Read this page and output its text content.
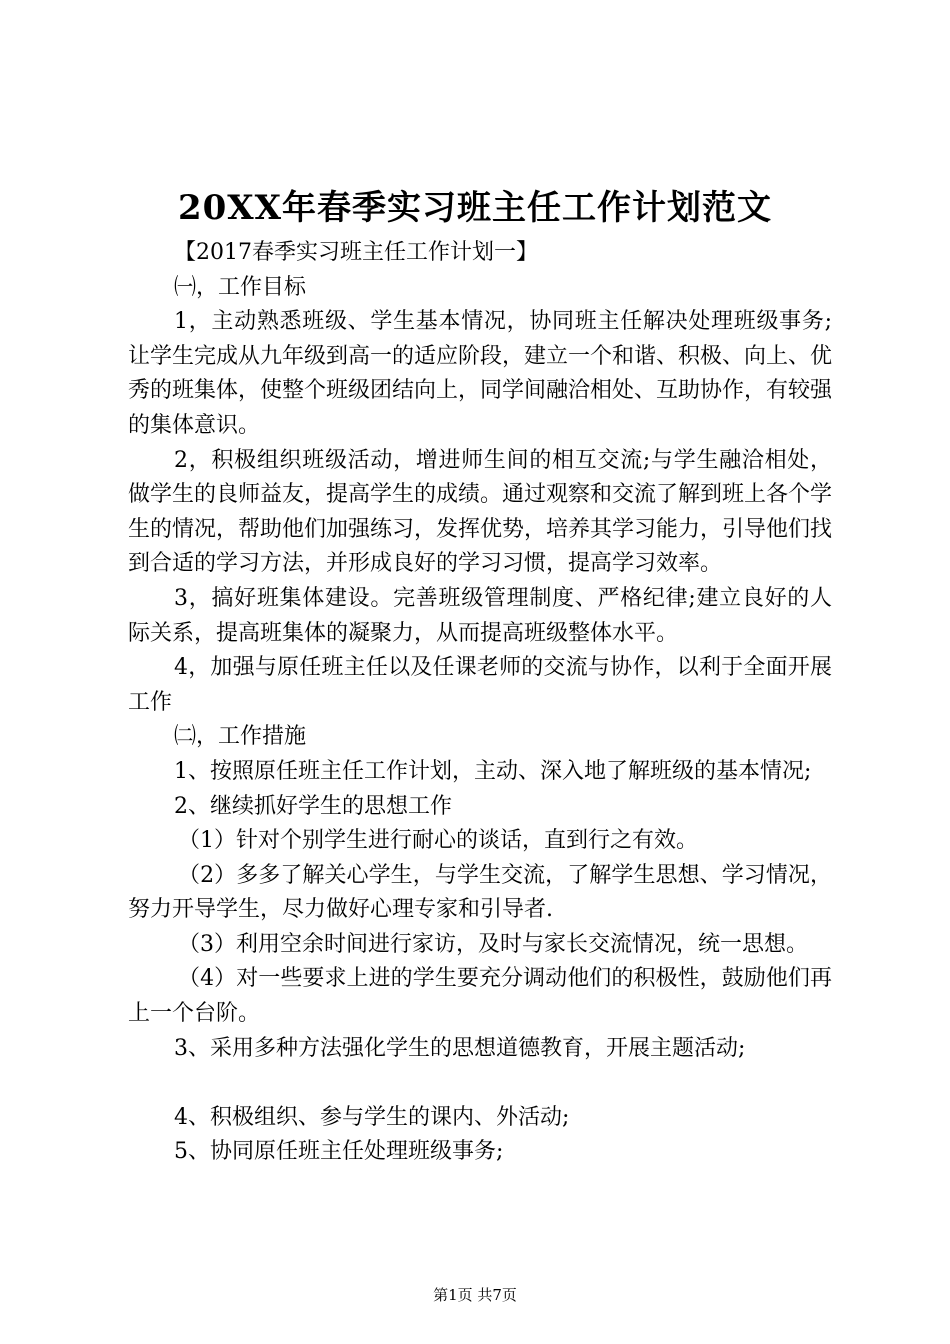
20XX年春季实习班主任工作计划范文

【2017春季实习班主任工作计划一】

㈠，工作目标

1，主动熟悉班级、学生基本情况，协同班主任解决处理班级事务;让学生完成从九年级到高一的适应阶段，建立一个和谐、积极、向上、优秀的班集体，使整个班级团结向上，同学间融洽相处、互助协作，有较强的集体意识。

2，积极组织班级活动，增进师生间的相互交流;与学生融洽相处，做学生的良师益友，提高学生的成绩。通过观察和交流了解到班上各个学生的情况，帮助他们加强练习，发挥优势，培养其学习能力，引导他们找到合适的学习方法，并形成良好的学习习惯，提高学习效率。

3，搞好班集体建设。完善班级管理制度、严格纪律;建立良好的人际关系，提高班集体的凝聚力，从而提高班级整体水平。

4，加强与原任班主任以及任课老师的交流与协作，以利于全面开展工作

㈡，工作措施

1、按照原任班主任工作计划，主动、深入地了解班级的基本情况;

2、继续抓好学生的思想工作

（1）针对个别学生进行耐心的谈话，直到行之有效。

（2）多多了解关心学生，与学生交流，了解学生思想、学习情况，努力开导学生，尽力做好心理专家和引导者.

（3）利用空余时间进行家访，及时与家长交流情况，统一思想。

（4）对一些要求上进的学生要充分调动他们的积极性，鼓励他们再上一个台阶。

3、采用多种方法强化学生的思想道德教育，开展主题活动;

4、积极组织、参与学生的课内、外活动;

5、协同原任班主任处理班级事务;

第1页 共7页
